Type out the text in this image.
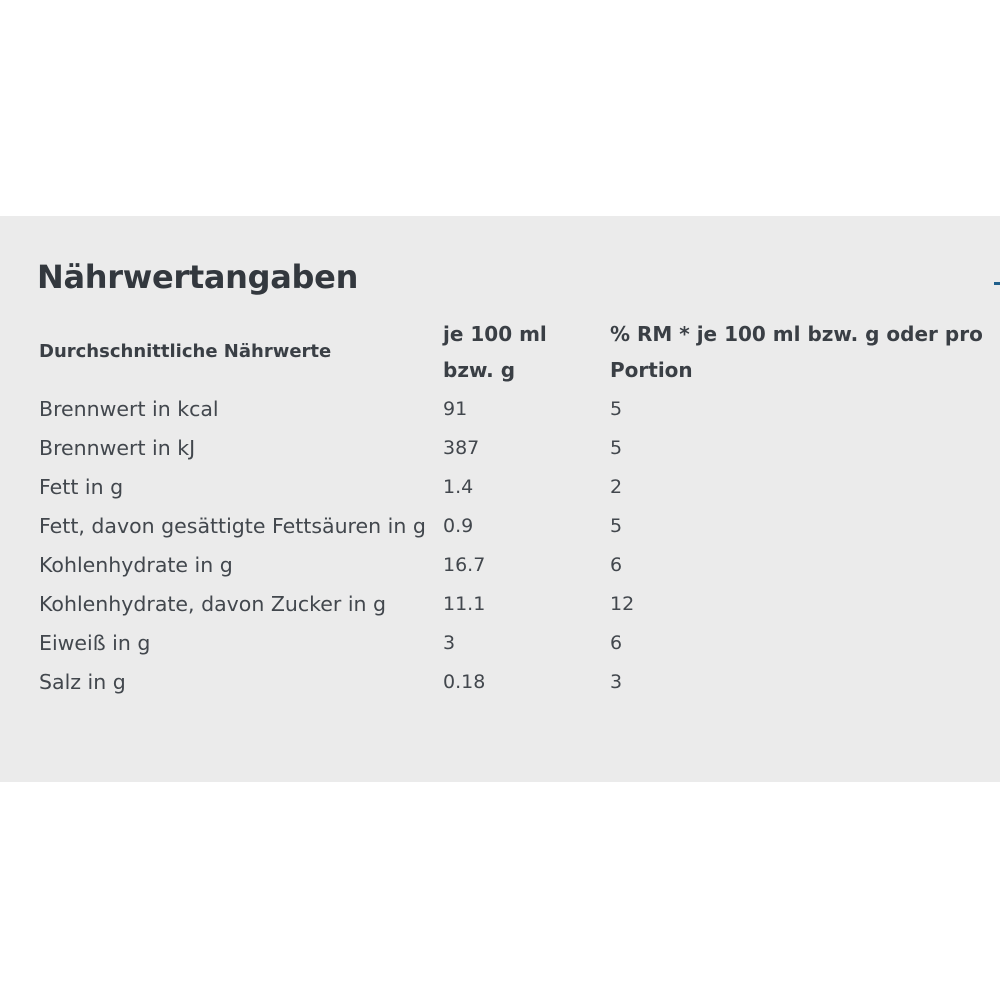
Nährwertangaben
Durchschnittliche Nährwerte	je 100 ml bzw. g	% RM * je 100 ml bzw. g oder pro Portion
Brennwert in kcal	91	5
Brennwert in kJ	387	5
Fett in g	1.4	2
Fett, davon gesättigte Fettsäuren in g	0.9	5
Kohlenhydrate in g	16.7	6
Kohlenhydrate, davon Zucker in g	11.1	12
Eiweiß in g	3	6
Salz in g	0.18	3
